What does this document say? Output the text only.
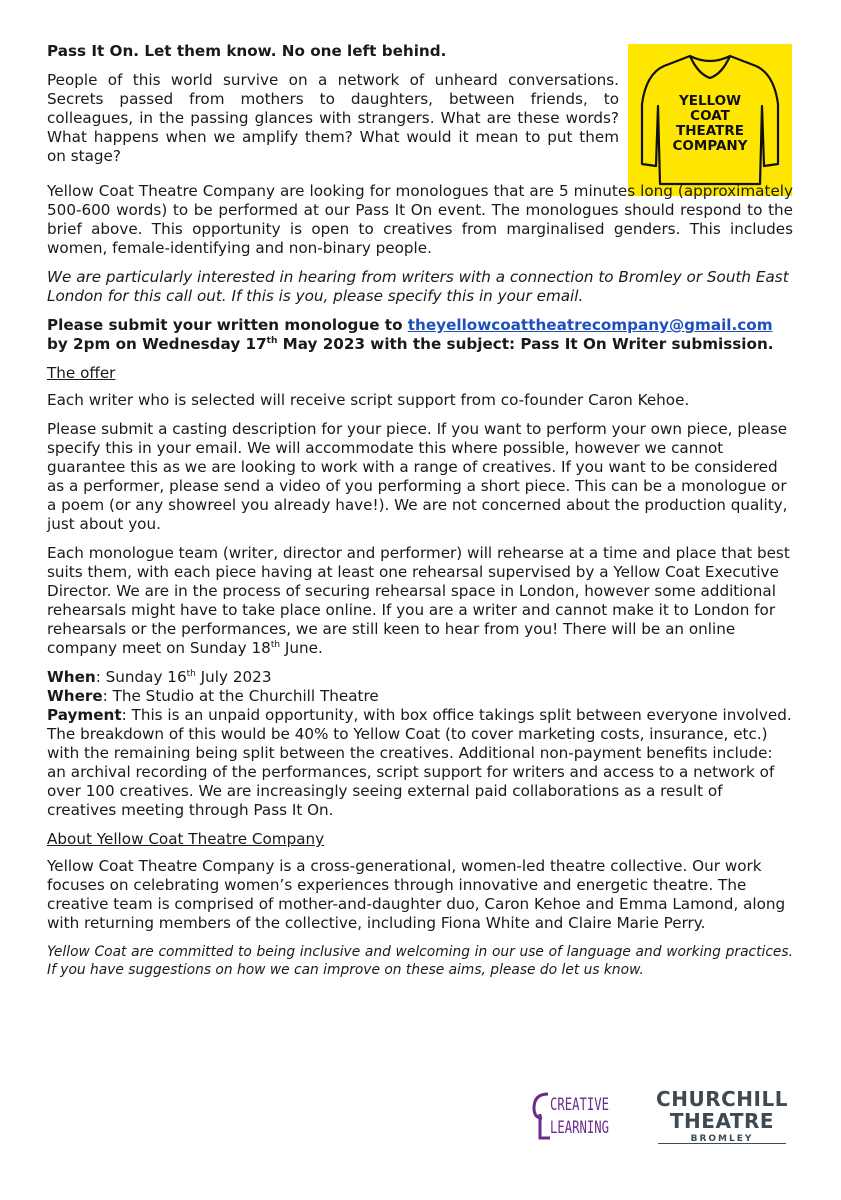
YELLOW
COAT
THEATRE
COMPANY

Pass It On. Let them know. No one left behind.

People of this world survive on a network of unheard conversations. Secrets passed from mothers to daughters, between friends, to colleagues, in the passing glances with strangers. What are these words? What happens when we amplify them? What would it mean to put them on stage?

Yellow Coat Theatre Company are looking for monologues that are 5 minutes long (approximately 500-600 words) to be performed at our Pass It On event. The monologues should respond to the brief above. This opportunity is open to creatives from marginalised genders. This includes women, female-identifying and non-binary people.

We are particularly interested in hearing from writers with a connection to Bromley or South East London for this call out. If this is you, please specify this in your email.

Please submit your written monologue to theyellowcoattheatrecompany@gmail.com by 2pm on Wednesday 17th May 2023 with the subject: Pass It On Writer submission.

The offer

Each writer who is selected will receive script support from co-founder Caron Kehoe.

Please submit a casting description for your piece. If you want to perform your own piece, please specify this in your email. We will accommodate this where possible, however we cannot guarantee this as we are looking to work with a range of creatives. If you want to be considered as a performer, please send a video of you performing a short piece. This can be a monologue or a poem (or any showreel you already have!). We are not concerned about the production quality, just about you.

Each monologue team (writer, director and performer) will rehearse at a time and place that best suits them, with each piece having at least one rehearsal supervised by a Yellow Coat Executive Director. We are in the process of securing rehearsal space in London, however some additional rehearsals might have to take place online. If you are a writer and cannot make it to London for rehearsals or the performances, we are still keen to hear from you! There will be an online company meet on Sunday 18th June.

When: Sunday 16th July 2023

Where: The Studio at the Churchill Theatre

Payment: This is an unpaid opportunity, with box office takings split between everyone involved. The breakdown of this would be 40% to Yellow Coat (to cover marketing costs, insurance, etc.) with the remaining being split between the creatives. Additional non-payment benefits include: an archival recording of the performances, script support for writers and access to a network of over 100 creatives. We are increasingly seeing external paid collaborations as a result of creatives meeting through Pass It On.

About Yellow Coat Theatre Company

Yellow Coat Theatre Company is a cross-generational, women-led theatre collective. Our work focuses on celebrating women’s experiences through innovative and energetic theatre. The creative team is comprised of mother-and-daughter duo, Caron Kehoe and Emma Lamond, along with returning members of the collective, including Fiona White and Claire Marie Perry.

Yellow Coat are committed to being inclusive and welcoming in our use of language and working practices. If you have suggestions on how we can improve on these aims, please do let us know.

CREATIVE
LEARNING
CHURCHILL
THEATRE
BROMLEY
